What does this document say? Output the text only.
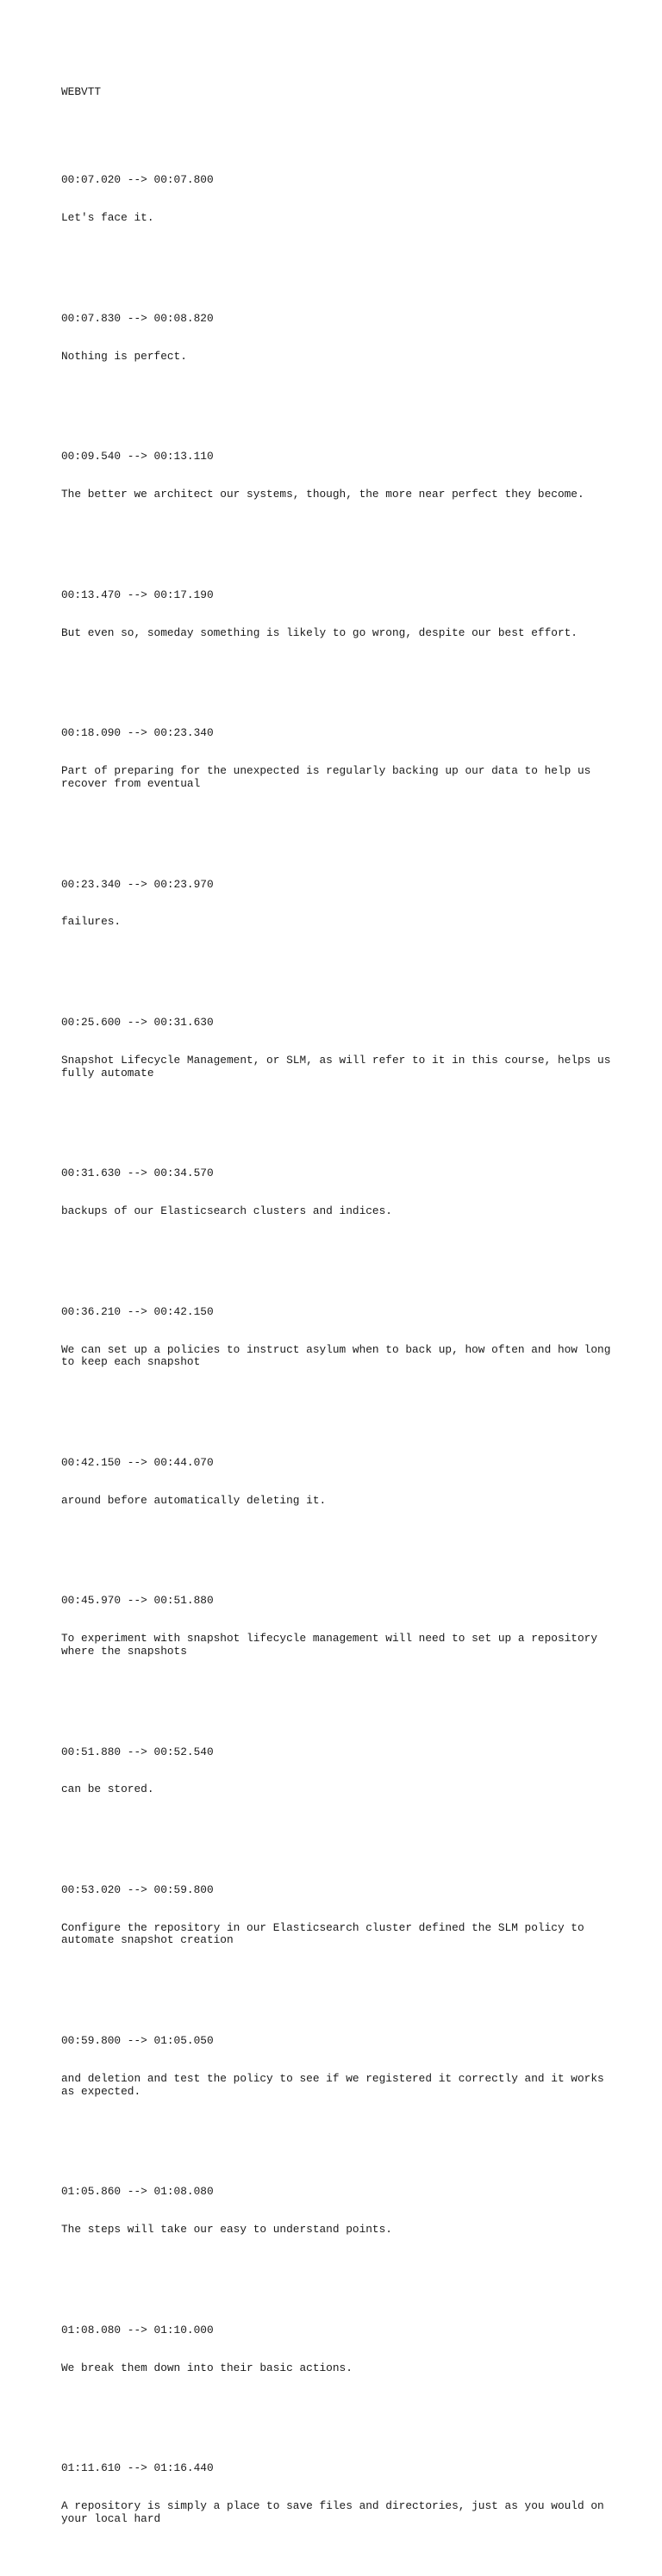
WEBVTT

00:07.020 --> 00:07.800

Let's face it.

00:07.830 --> 00:08.820

Nothing is perfect.

00:09.540 --> 00:13.110

The better we architect our systems, though, the more near perfect they become.

00:13.470 --> 00:17.190

But even so, someday something is likely to go wrong, despite our best effort.

00:18.090 --> 00:23.340

Part of preparing for the unexpected is regularly backing up our data to help us
recover from eventual

00:23.340 --> 00:23.970

failures.

00:25.600 --> 00:31.630

Snapshot Lifecycle Management, or SLM, as will refer to it in this course, helps us
fully automate

00:31.630 --> 00:34.570

backups of our Elasticsearch clusters and indices.

00:36.210 --> 00:42.150

We can set up a policies to instruct asylum when to back up, how often and how long
to keep each snapshot

00:42.150 --> 00:44.070

around before automatically deleting it.

00:45.970 --> 00:51.880

To experiment with snapshot lifecycle management will need to set up a repository
where the snapshots

00:51.880 --> 00:52.540

can be stored.

00:53.020 --> 00:59.800

Configure the repository in our Elasticsearch cluster defined the SLM policy to
automate snapshot creation

00:59.800 --> 01:05.050

and deletion and test the policy to see if we registered it correctly and it works
as expected.

01:05.860 --> 01:08.080

The steps will take our easy to understand points.

01:08.080 --> 01:10.000

We break them down into their basic actions.

01:11.610 --> 01:16.440

A repository is simply a place to save files and directories, just as you would on
your local hard
